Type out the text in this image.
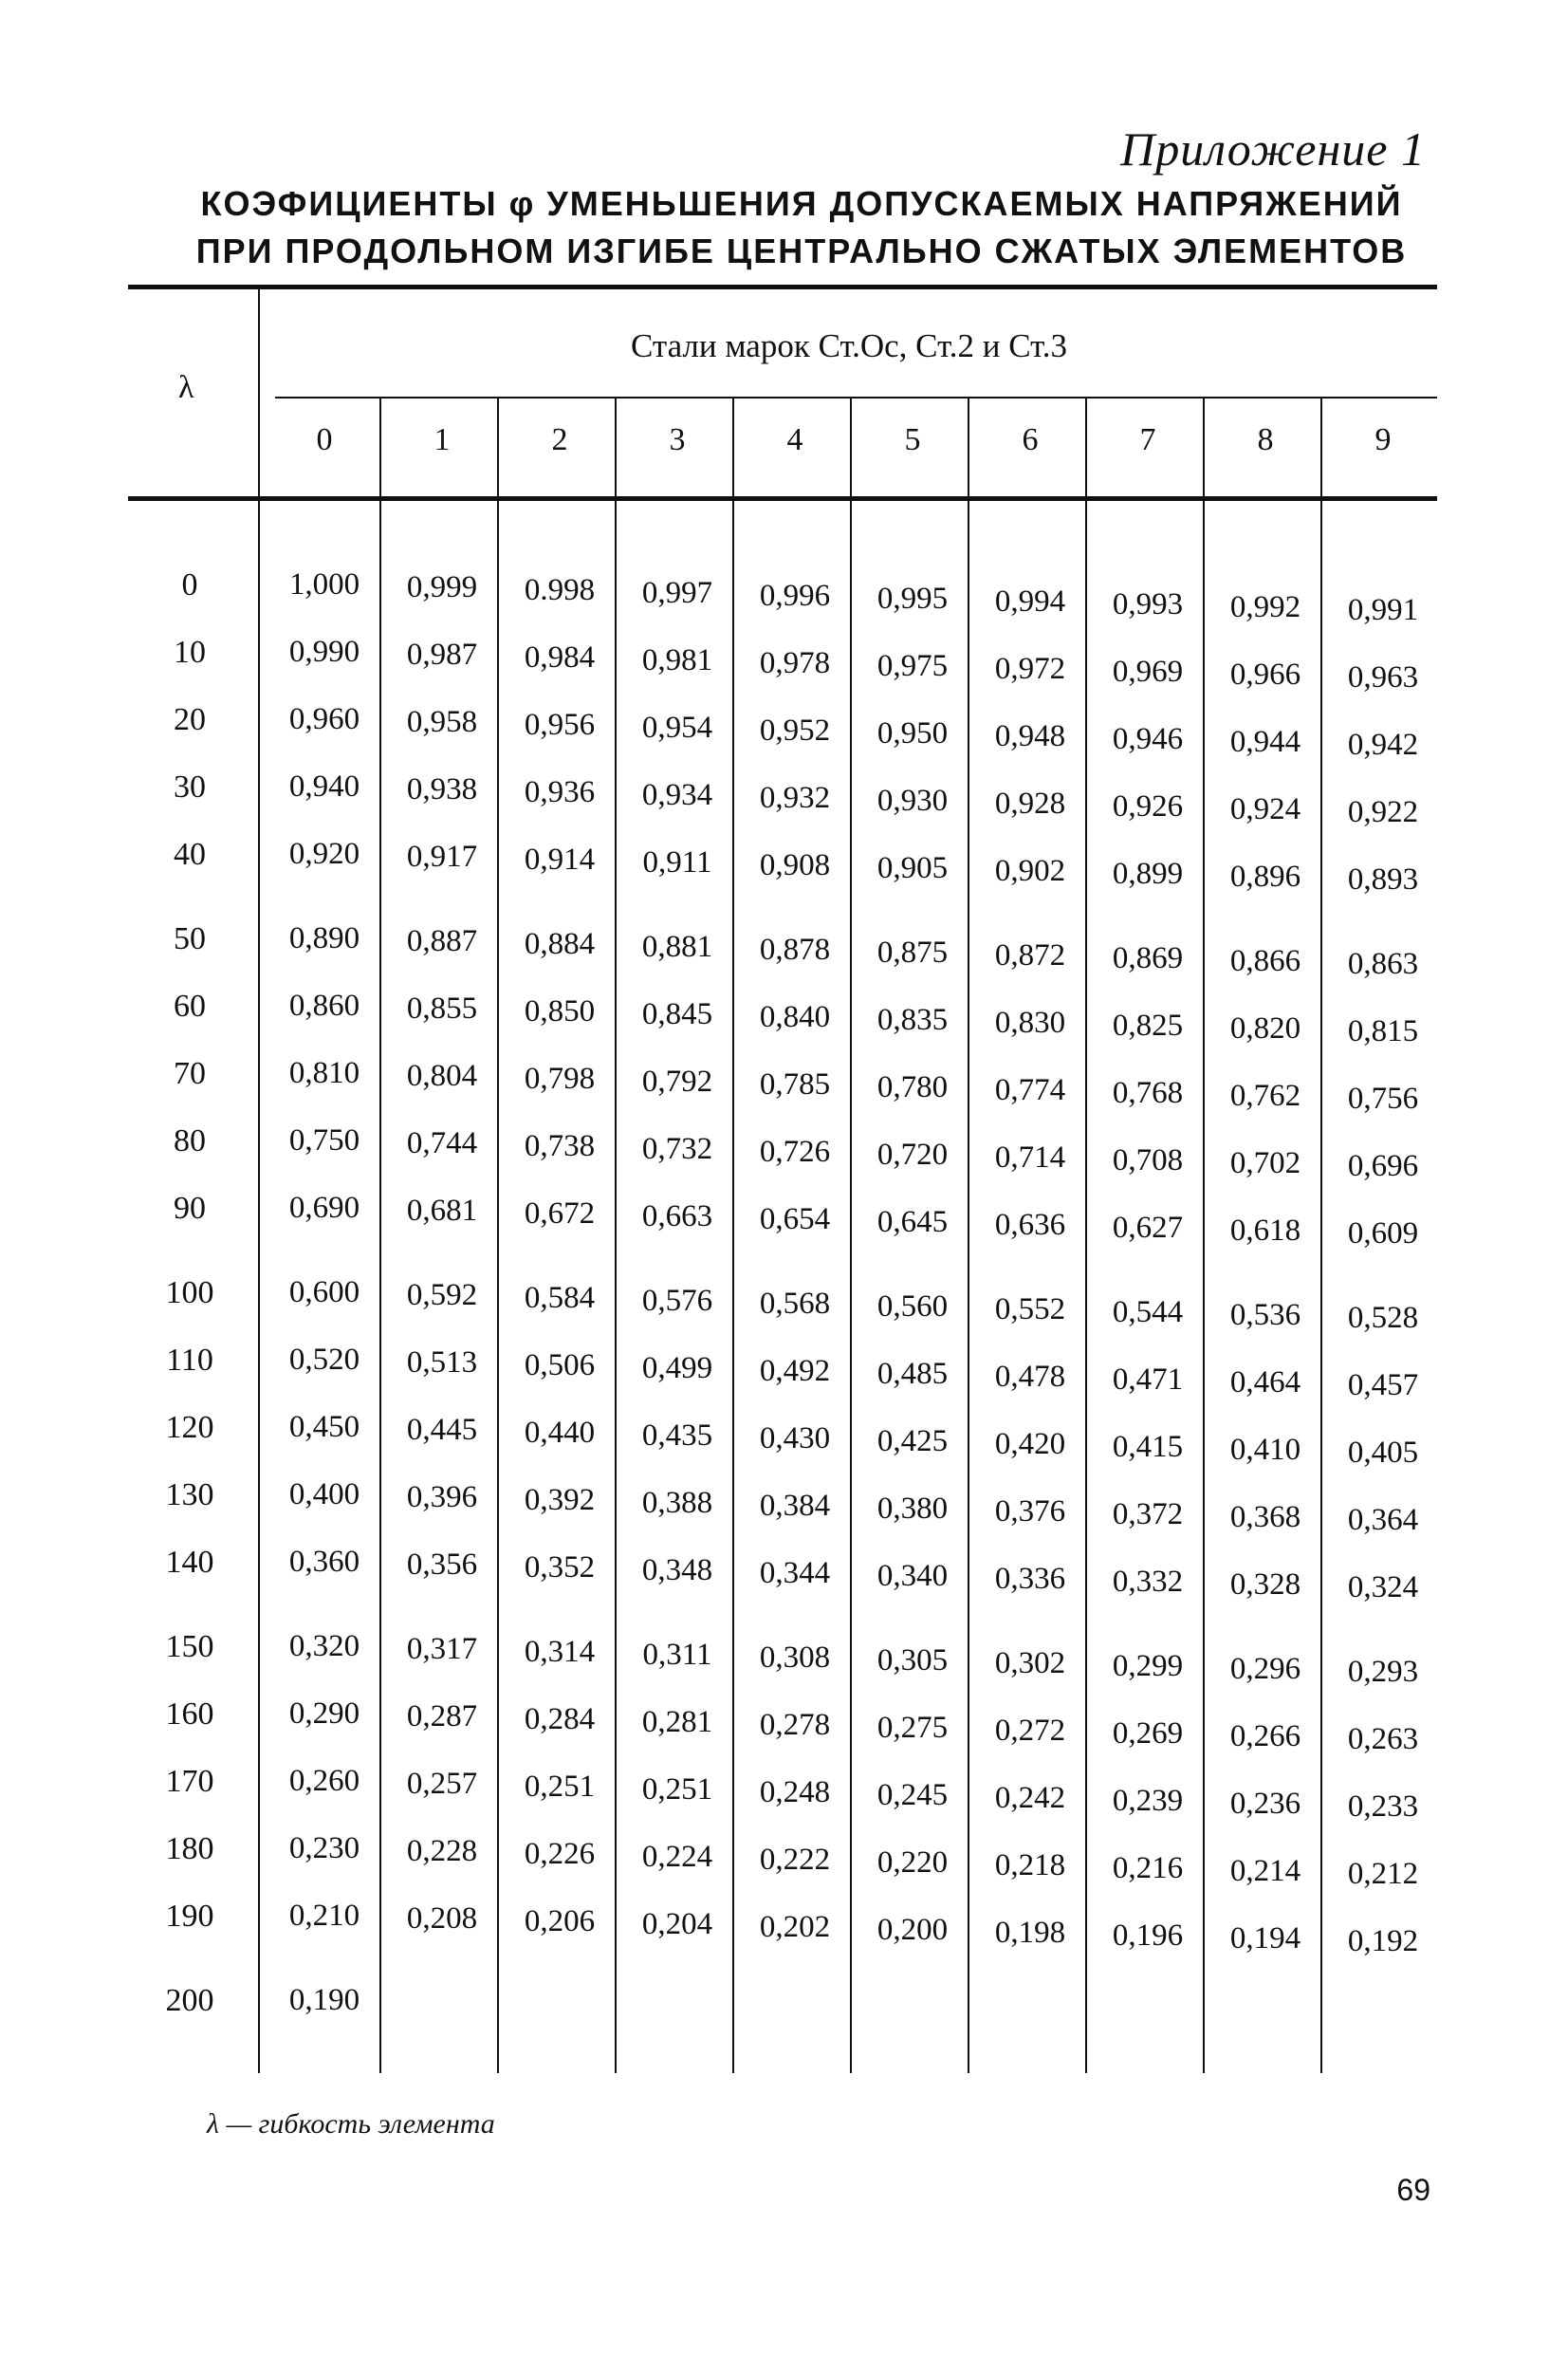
Приложение 1
КОЭФИЦИЕНТЫ φ УМЕНЬШЕНИЯ ДОПУСКАЕМЫХ НАПРЯЖЕНИЙ
ПРИ ПРОДОЛЬНОМ ИЗГИБЕ ЦЕНТРАЛЬНО СЖАТЫХ ЭЛЕМЕНТОВ
λ
Стали марок Ст.Ос, Ст.2 и Ст.3
0	1	2	3	4	5	6	7	8	9
0	1,000	0,999	0.998	0,997	0,996	0,995	0,994	0,993	0,992	0,991
10	0,990	0,987	0,984	0,981	0,978	0,975	0,972	0,969	0,966	0,963
20	0,960	0,958	0,956	0,954	0,952	0,950	0,948	0,946	0,944	0,942
30	0,940	0,938	0,936	0,934	0,932	0,930	0,928	0,926	0,924	0,922
40	0,920	0,917	0,914	0,911	0,908	0,905	0,902	0,899	0,896	0,893
50	0,890	0,887	0,884	0,881	0,878	0,875	0,872	0,869	0,866	0,863
60	0,860	0,855	0,850	0,845	0,840	0,835	0,830	0,825	0,820	0,815
70	0,810	0,804	0,798	0,792	0,785	0,780	0,774	0,768	0,762	0,756
80	0,750	0,744	0,738	0,732	0,726	0,720	0,714	0,708	0,702	0,696
90	0,690	0,681	0,672	0,663	0,654	0,645	0,636	0,627	0,618	0,609
100	0,600	0,592	0,584	0,576	0,568	0,560	0,552	0,544	0,536	0,528
110	0,520	0,513	0,506	0,499	0,492	0,485	0,478	0,471	0,464	0,457
120	0,450	0,445	0,440	0,435	0,430	0,425	0,420	0,415	0,410	0,405
130	0,400	0,396	0,392	0,388	0,384	0,380	0,376	0,372	0,368	0,364
140	0,360	0,356	0,352	0,348	0,344	0,340	0,336	0,332	0,328	0,324
150	0,320	0,317	0,314	0,311	0,308	0,305	0,302	0,299	0,296	0,293
160	0,290	0,287	0,284	0,281	0,278	0,275	0,272	0,269	0,266	0,263
170	0,260	0,257	0,251	0,251	0,248	0,245	0,242	0,239	0,236	0,233
180	0,230	0,228	0,226	0,224	0,222	0,220	0,218	0,216	0,214	0,212
190	0,210	0,208	0,206	0,204	0,202	0,200	0,198	0,196	0,194	0,192
200	0,190
λ — гибкость элемента
69
